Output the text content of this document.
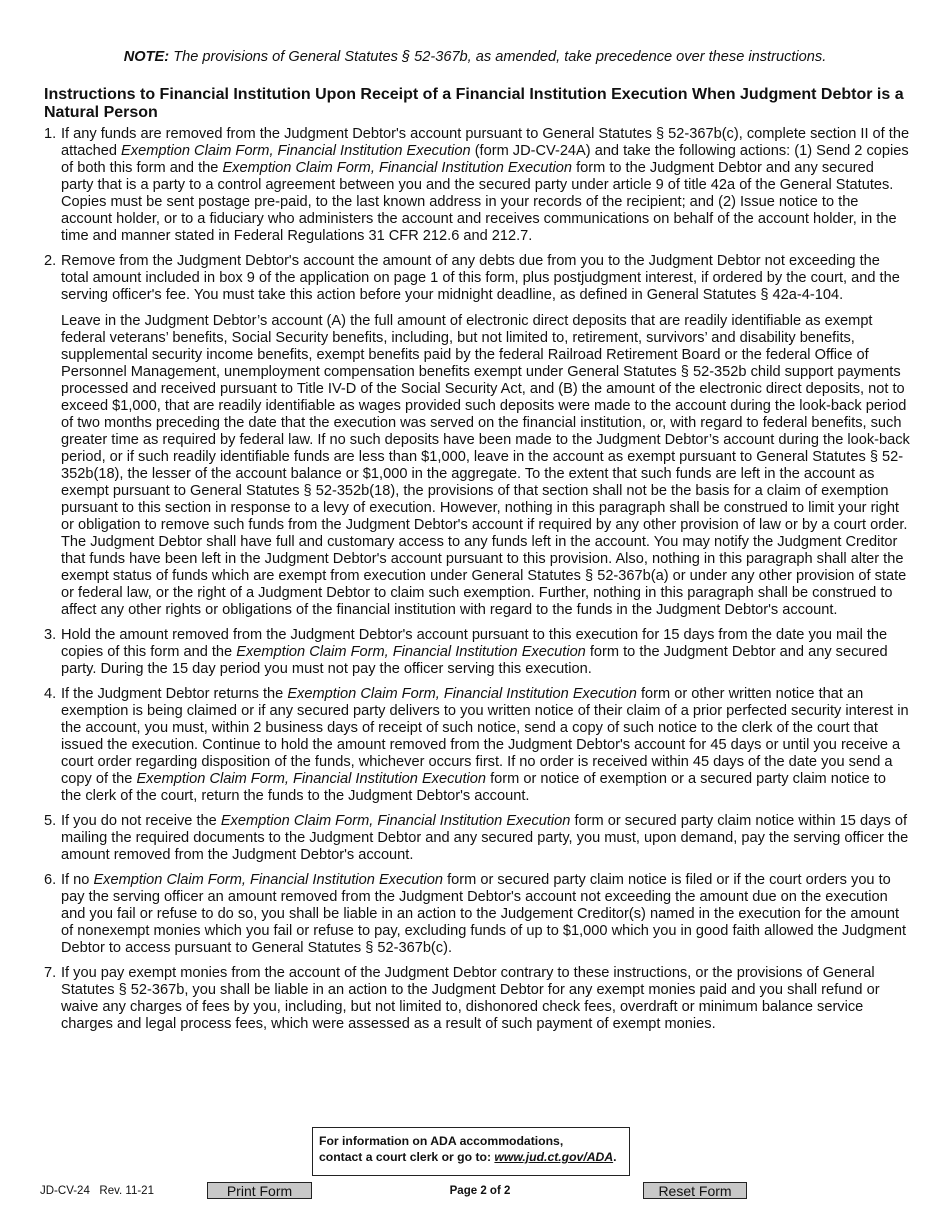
NOTE: The provisions of General Statutes § 52-367b, as amended, take precedence over these instructions.
Instructions to Financial Institution Upon Receipt of a Financial Institution Execution When Judgment Debtor is a Natural Person
1. If any funds are removed from the Judgment Debtor's account pursuant to General Statutes § 52-367b(c), complete section II of the attached Exemption Claim Form, Financial Institution Execution (form JD-CV-24A) and take the following actions: (1) Send 2 copies of both this form and the Exemption Claim Form, Financial Institution Execution form to the Judgment Debtor and any secured party that is a party to a control agreement between you and the secured party under article 9 of title 42a of the General Statutes. Copies must be sent postage pre-paid, to the last known address in your records of the recipient; and (2) Issue notice to the account holder, or to a fiduciary who administers the account and receives communications on behalf of the account holder, in the time and manner stated in Federal Regulations 31 CFR 212.6 and 212.7.
2. Remove from the Judgment Debtor's account the amount of any debts due from you to the Judgment Debtor not exceeding the total amount included in box 9 of the application on page 1 of this form, plus postjudgment interest, if ordered by the court, and the serving officer's fee. You must take this action before your midnight deadline, as defined in General Statutes § 42a-4-104.
Leave in the Judgment Debtor’s account (A) the full amount of electronic direct deposits that are readily identifiable as exempt federal veterans’ benefits, Social Security benefits, including, but not limited to, retirement, survivors’ and disability benefits, supplemental security income benefits, exempt benefits paid by the federal Railroad Retirement Board or the federal Office of Personnel Management, unemployment compensation benefits exempt under General Statutes § 52-352b child support payments processed and received pursuant to Title IV-D of the Social Security Act, and (B) the amount of the electronic direct deposits, not to exceed $1,000, that are readily identifiable as wages provided such deposits were made to the account during the look-back period of two months preceding the date that the execution was served on the financial institution, or, with regard to federal benefits, such greater time as required by federal law. If no such deposits have been made to the Judgment Debtor’s account during the look-back period, or if such readily identifiable funds are less than $1,000, leave in the account as exempt pursuant to General Statutes § 52-352b(18), the lesser of the account balance or $1,000 in the aggregate. To the extent that such funds are left in the account as exempt pursuant to General Statutes § 52-352b(18), the provisions of that section shall not be the basis for a claim of exemption pursuant to this section in response to a levy of execution. However, nothing in this paragraph shall be construed to limit your right or obligation to remove such funds from the Judgment Debtor's account if required by any other provision of law or by a court order. The Judgment Debtor shall have full and customary access to any funds left in the account. You may notify the Judgment Creditor that funds have been left in the Judgment Debtor's account pursuant to this provision. Also, nothing in this paragraph shall alter the exempt status of funds which are exempt from execution under General Statutes § 52-367b(a) or under any other provision of state or federal law, or the right of a Judgment Debtor to claim such exemption. Further, nothing in this paragraph shall be construed to affect any other rights or obligations of the financial institution with regard to the funds in the Judgment Debtor's account.
3. Hold the amount removed from the Judgment Debtor's account pursuant to this execution for 15 days from the date you mail the copies of this form and the Exemption Claim Form, Financial Institution Execution form to the Judgment Debtor and any secured party. During the 15 day period you must not pay the officer serving this execution.
4. If the Judgment Debtor returns the Exemption Claim Form, Financial Institution Execution form or other written notice that an exemption is being claimed or if any secured party delivers to you written notice of their claim of a prior perfected security interest in the account, you must, within 2 business days of receipt of such notice, send a copy of such notice to the clerk of the court that issued the execution. Continue to hold the amount removed from the Judgment Debtor's account for 45 days or until you receive a court order regarding disposition of the funds, whichever occurs first. If no order is received within 45 days of the date you send a copy of the Exemption Claim Form, Financial Institution Execution form or notice of exemption or a secured party claim notice to the clerk of the court, return the funds to the Judgment Debtor's account.
5. If you do not receive the Exemption Claim Form, Financial Institution Execution form or secured party claim notice within 15 days of mailing the required documents to the Judgment Debtor and any secured party, you must, upon demand, pay the serving officer the amount removed from the Judgment Debtor's account.
6. If no Exemption Claim Form, Financial Institution Execution form or secured party claim notice is filed or if the court orders you to pay the serving officer an amount removed from the Judgment Debtor's account not exceeding the amount due on the execution and you fail or refuse to do so, you shall be liable in an action to the Judgement Creditor(s) named in the execution for the amount of nonexempt monies which you fail or refuse to pay, excluding funds of up to $1,000 which you in good faith allowed the Judgment Debtor to access pursuant to General Statutes § 52-367b(c).
7. If you pay exempt monies from the account of the Judgment Debtor contrary to these instructions, or the provisions of General Statutes § 52-367b, you shall be liable in an action to the Judgment Debtor for any exempt monies paid and you shall refund or waive any charges of fees by you, including, but not limited to, dishonored check fees, overdraft or minimum balance service charges and legal process fees, which were assessed as a result of such payment of exempt monies.
For information on ADA accommodations,
contact a court clerk or go to: www.jud.ct.gov/ADA.
JD-CV-24   Rev. 11-21	Print Form	Page 2 of 2	Reset Form
